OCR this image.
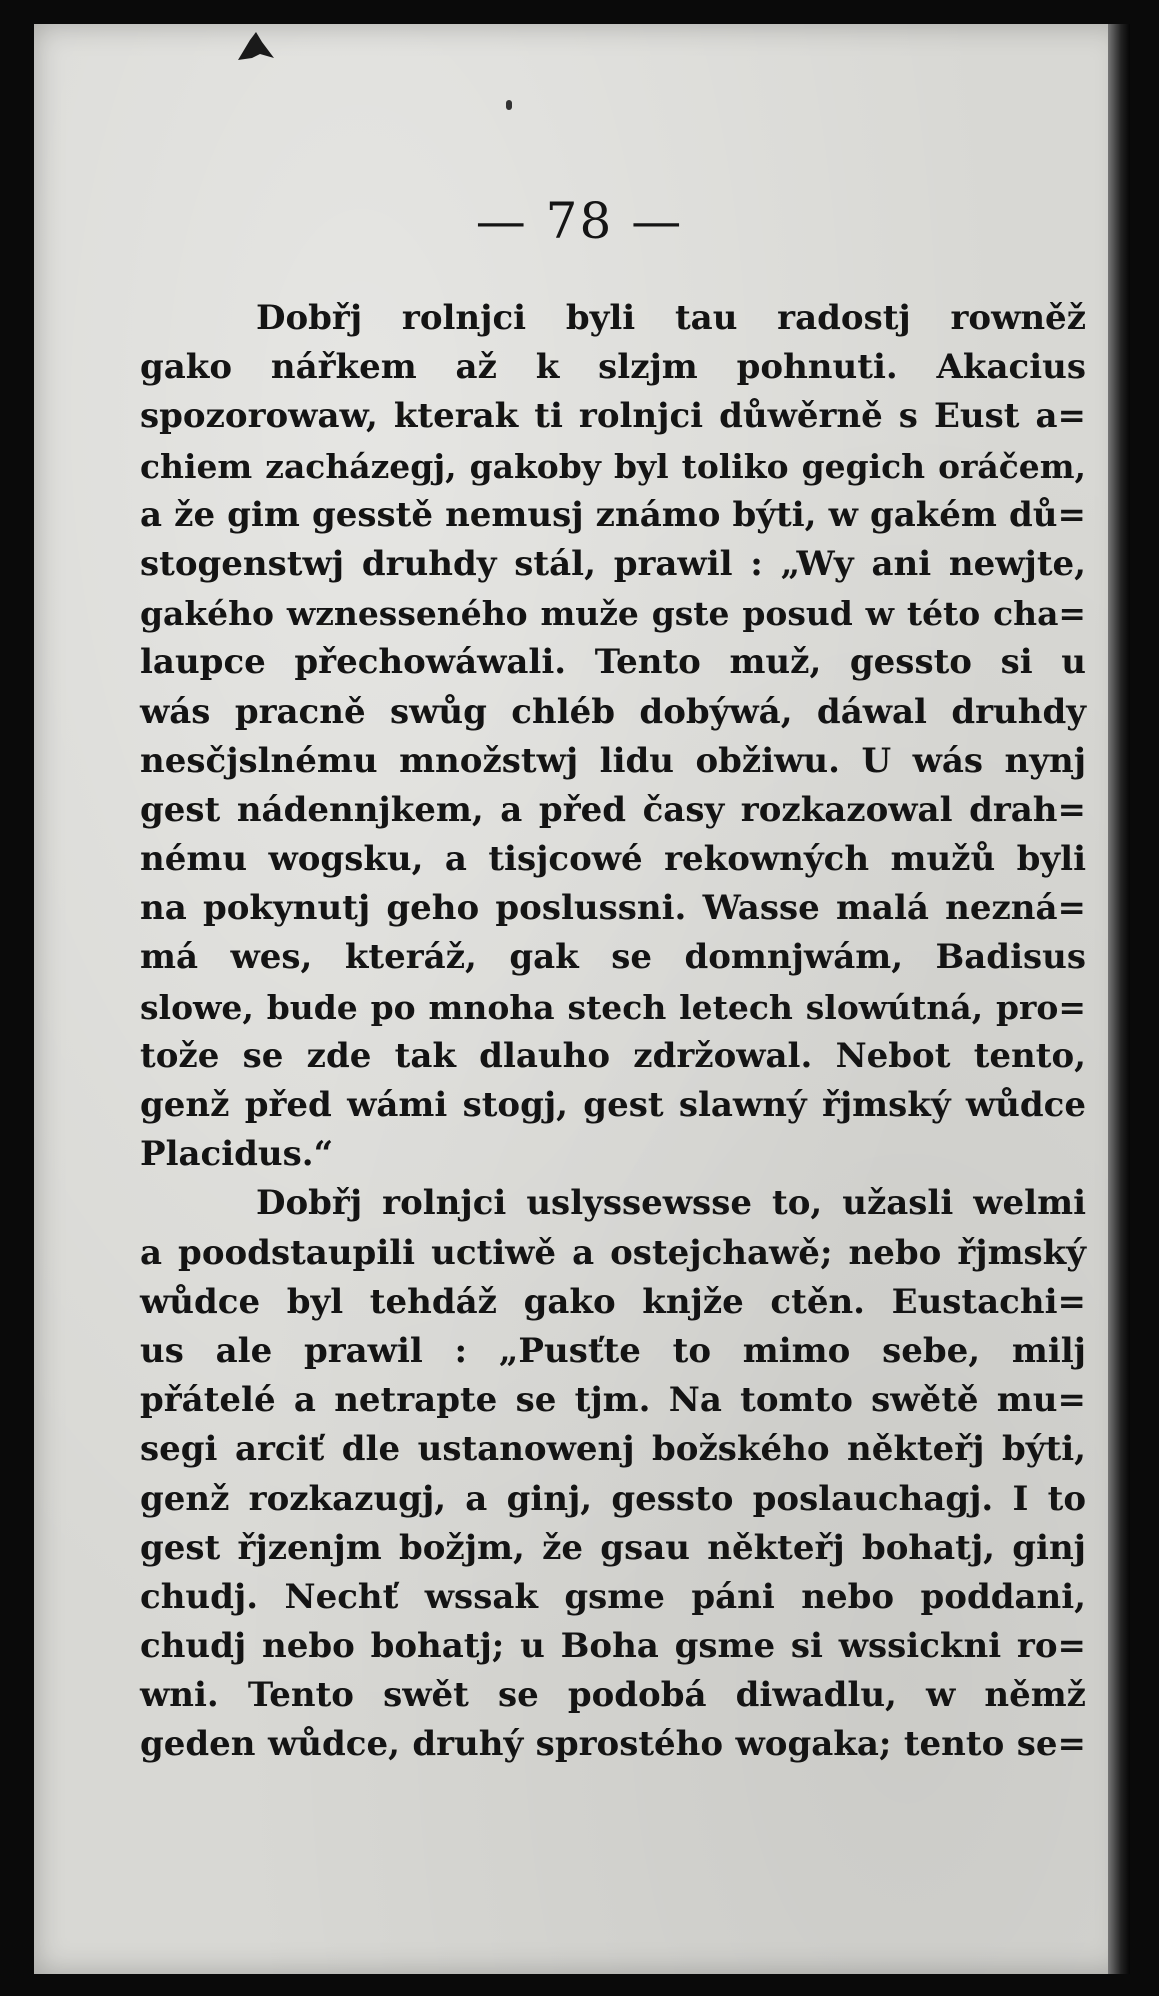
— 78 —
Dobřj rolnjci byli tau radostj rowněž
gako nářkem až k slzjm pohnuti. Akacius
spozorowaw, kterak ti rolnjci důwěrně s Eust a=
chiem zacházegj, gakoby byl toliko gegich oráčem,
a že gim gesstě nemusj známo býti, w gakém dů=
stogenstwj druhdy stál, prawil : „Wy ani newjte,
gakého wznesseného muže gste posud w této cha=
laupce přechowáwali. Tento muž, gessto si u
wás pracně swůg chléb dobýwá, dáwal druhdy
nesčjslnému množstwj lidu obžiwu. U wás nynj
gest nádennjkem, a před časy rozkazowal drah=
nému wogsku, a tisjcowé rekowných mužů byli
na pokynutj geho poslussni. Wasse malá nezná=
má wes, kteráž, gak se domnjwám, Badisus
slowe, bude po mnoha stech letech slowútná, pro=
tože se zde tak dlauho zdržowal. Nebot tento,
genž před wámi stogj, gest slawný řjmský wůdce
Placidus.“
Dobřj rolnjci uslyssewsse to, užasli welmi
a poodstaupili uctiwě a ostejchawě; nebo řjmský
wůdce byl tehdáž gako knjže ctěn. Eustachi=
us ale prawil : „Pusťte to mimo sebe, milj
přátelé a netrapte se tjm. Na tomto swětě mu=
segi arciť dle ustanowenj božského někteřj býti,
genž rozkazugj, a ginj, gessto poslauchagj. I to
gest řjzenjm božjm, že gsau někteřj bohatj, ginj
chudj. Nechť wssak gsme páni nebo poddani,
chudj nebo bohatj; u Boha gsme si wssickni ro=
wni. Tento swět se podobá diwadlu, w němž
geden wůdce, druhý sprostého wogaka; tento se=
